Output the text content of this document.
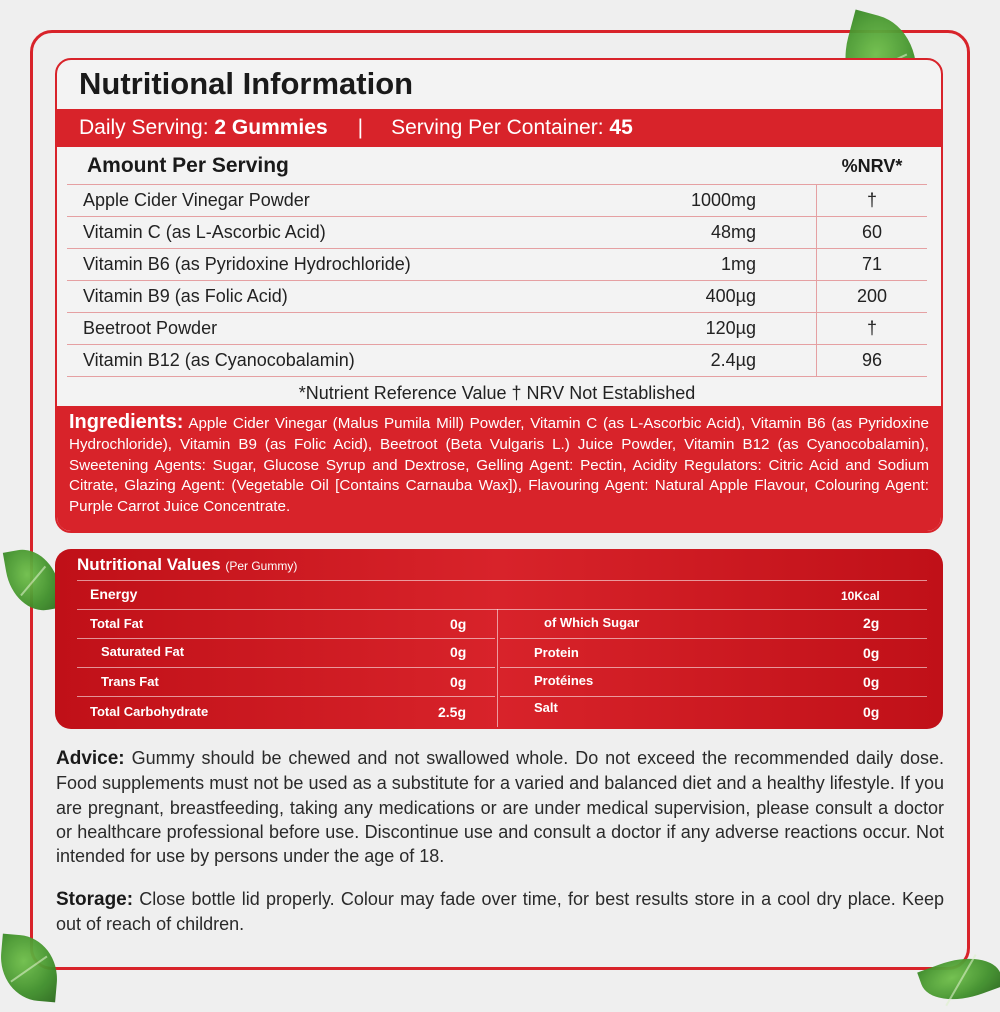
Nutritional Information
Daily Serving:
2 Gummies | Serving Per Container:
45
Amount Per Serving	%NRV*
Apple Cider Vinegar Powder	1000mg	†
Vitamin C (as L-Ascorbic Acid)	48mg	60
Vitamin B6 (as Pyridoxine Hydrochloride)	1mg	71
Vitamin B9 (as Folic Acid)	400µg	200
Beetroot Powder	120µg	†
Vitamin B12 (as Cyanocobalamin)	2.4µg	96
*Nutrient Reference Value † NRV Not Established
Ingredients: Apple Cider Vinegar (Malus Pumila Mill) Powder, Vitamin C (as L-Ascorbic Acid), Vitamin B6 (as Pyridoxine Hydrochloride), Vitamin B9 (as Folic Acid), Beetroot (Beta Vulgaris L.) Juice Powder, Vitamin B12 (as Cyanocobalamin), Sweetening Agents: Sugar, Glucose Syrup and Dextrose, Gelling Agent: Pectin, Acidity Regulators: Citric Acid and Sodium Citrate, Glazing Agent: (Vegetable Oil [Contains Carnauba Wax]), Flavouring Agent: Natural Apple Flavour, Colouring Agent: Purple Carrot Juice Concentrate.
Nutritional Values (Per Gummy)
Energy	10Kcal
Total Fat	0g
Saturated Fat	0g
Trans Fat	0g
Total Carbohydrate	2.5g
of Which Sugar	2g
Protein	0g
Protéines	0g
Salt	0g
Advice: Gummy should be chewed and not swallowed whole. Do not exceed the recommended daily dose. Food supplements must not be used as a substitute for a varied and balanced diet and a healthy lifestyle. If you are pregnant, breastfeeding, taking any medications or are under medical supervision, please consult a doctor or healthcare professional before use. Discontinue use and consult a doctor if any adverse reactions occur. Not intended for use by persons under the age of 18.
Storage: Close bottle lid properly. Colour may fade over time, for best results store in a cool dry place. Keep out of reach of children.
